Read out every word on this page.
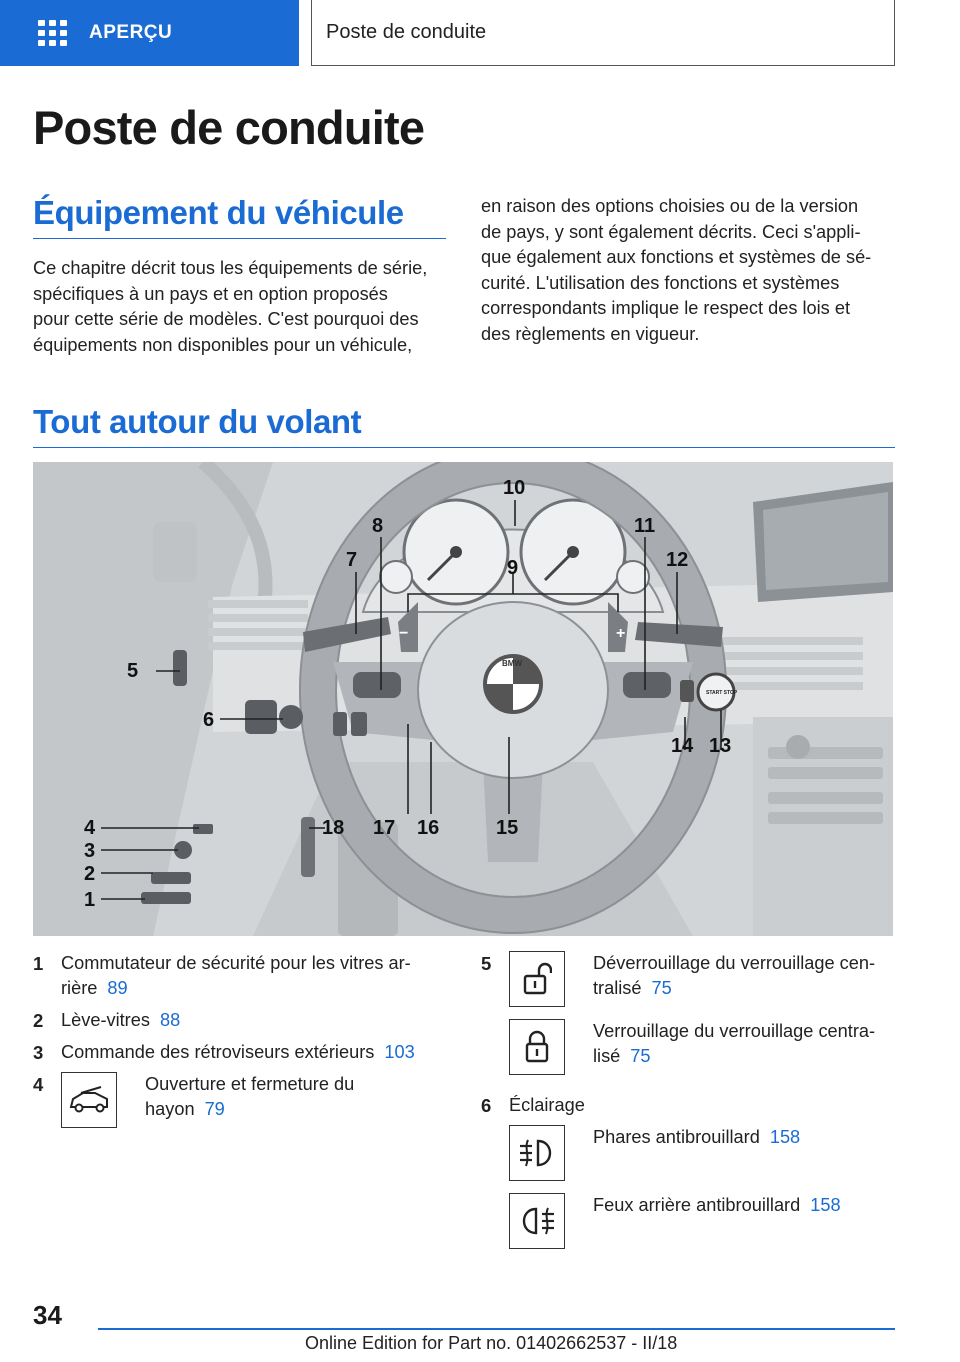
APERÇU	Poste de conduite
Poste de conduite
Équipement du véhicule
Ce chapitre décrit tous les équipements de série,
spécifiques à un pays et en option proposés
pour cette série de modèles. C'est pourquoi des
équipements non disponibles pour un véhicule,
en raison des options choisies ou de la version
de pays, y sont également décrits. Ceci s'appli-
que également aux fonctions et systèmes de sé-
curité. L'utilisation des fonctions et systèmes
correspondants implique le respect des lois et
des règlements en vigueur.
Tout autour du volant
10
8
7
11
12
9
5
6
14 13
15
17 16
18
4
3
2
1
BMW
START STOP
−	+
1 Commutateur de sécurité pour les vitres ar-
rière 89
2 Lève-vitres 88
3 Commande des rétroviseurs extérieurs 103
4	Ouverture et fermeture du
hayon 79
5	Déverrouillage du verrouillage cen-
tralisé 75
Verrouillage du verrouillage centra-
lisé 75
6 Éclairage
Phares antibrouillard 158
Feux arrière antibrouillard 158
34
Online Edition for Part no. 01402662537 - II/18
